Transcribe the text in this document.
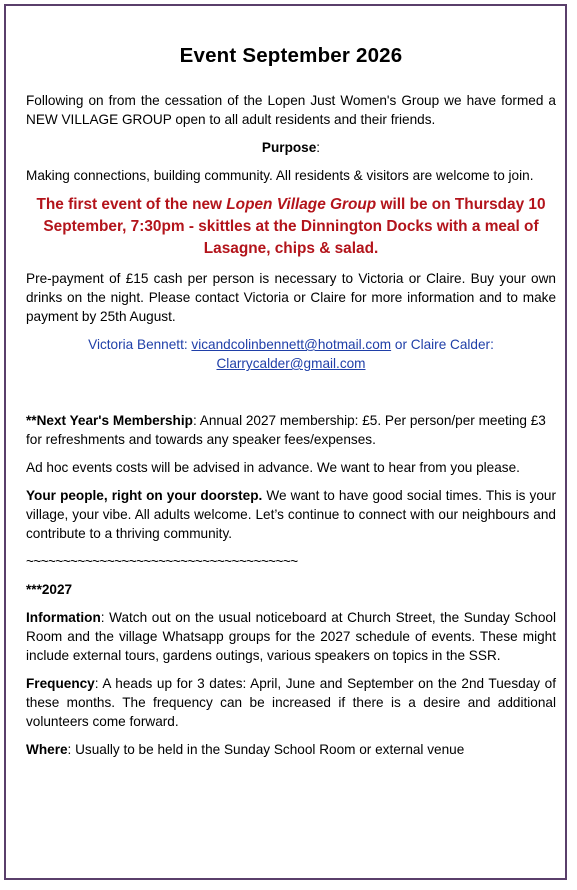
Event September 2026

Following on from the cessation of the Lopen Just Women's Group we have formed a NEW VILLAGE GROUP open to all adult residents and their friends.

Purpose:

Making connections, building community. All residents & visitors are welcome to join.

The first event of the new Lopen Village Group will be on Thursday 10 September, 7:30pm - skittles at the Dinnington Docks with a meal of Lasagne, chips & salad.

Pre-payment of £15 cash per person is necessary to Victoria or Claire. Buy your own drinks on the night. Please contact Victoria or Claire for more information and to make payment by 25th August.

Victoria Bennett: vicandcolinbennett@hotmail.com or Claire Calder: Clarrycalder@gmail.com

**Next Year's Membership: Annual 2027 membership: £5. Per person/per meeting £3 for refreshments and towards any speaker fees/expenses.

Ad hoc events costs will be advised in advance. We want to hear from you please.

Your people, right on your doorstep. We want to have good social times. This is your village, your vibe. All adults welcome. Let’s continue to connect with our neighbours and contribute to a thriving community.

~~~~~~~~~~~~~~~~~~~~~~~~~~~~~~~~~~~~~

***2027

Information: Watch out on the usual noticeboard at Church Street, the Sunday School Room and the village Whatsapp groups for the 2027 schedule of events. These might include external tours, gardens outings, various speakers on topics in the SSR.

Frequency: A heads up for 3 dates: April, June and September on the 2nd Tuesday of these months. The frequency can be increased if there is a desire and additional volunteers come forward.

Where: Usually to be held in the Sunday School Room or external venue
